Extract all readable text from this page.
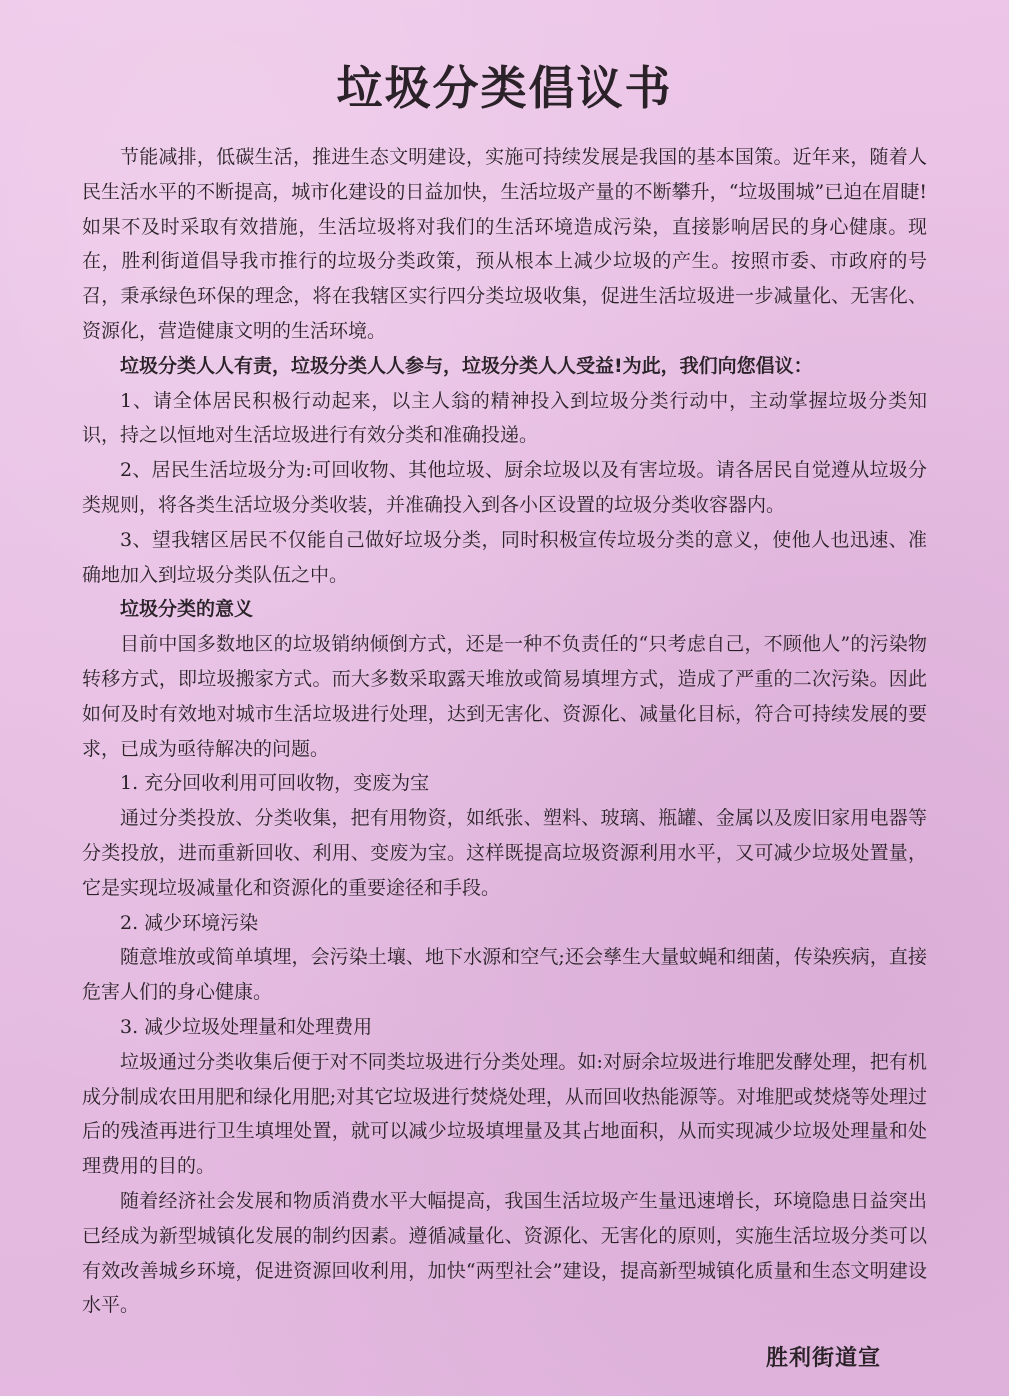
垃圾分类倡议书

节能减排，低碳生活，推进生态文明建设，实施可持续发展是我国的基本国策。近年来，随着人民生活水平的不断提高，城市化建设的日益加快，生活垃圾产量的不断攀升，“垃圾围城”已迫在眉睫!如果不及时采取有效措施，生活垃圾将对我们的生活环境造成污染，直接影响居民的身心健康。现在，胜利街道倡导我市推行的垃圾分类政策，预从根本上减少垃圾的产生。按照市委、市政府的号召，秉承绿色环保的理念，将在我辖区实行四分类垃圾收集，促进生活垃圾进一步减量化、无害化、资源化，营造健康文明的生活环境。

垃圾分类人人有责，垃圾分类人人参与，垃圾分类人人受益!为此，我们向您倡议：

1、请全体居民积极行动起来，以主人翁的精神投入到垃圾分类行动中，主动掌握垃圾分类知识，持之以恒地对生活垃圾进行有效分类和准确投递。

2、居民生活垃圾分为:可回收物、其他垃圾、厨余垃圾以及有害垃圾。请各居民自觉遵从垃圾分类规则，将各类生活垃圾分类收装，并准确投入到各小区设置的垃圾分类收容器内。

3、望我辖区居民不仅能自己做好垃圾分类，同时积极宣传垃圾分类的意义，使他人也迅速、准确地加入到垃圾分类队伍之中。

垃圾分类的意义

目前中国多数地区的垃圾销纳倾倒方式，还是一种不负责任的“只考虑自己，不顾他人”的污染物转移方式，即垃圾搬家方式。而大多数采取露天堆放或简易填埋方式，造成了严重的二次污染。因此如何及时有效地对城市生活垃圾进行处理，达到无害化、资源化、减量化目标，符合可持续发展的要求，已成为亟待解决的问题。

1. 充分回收利用可回收物，变废为宝

通过分类投放、分类收集，把有用物资，如纸张、塑料、玻璃、瓶罐、金属以及废旧家用电器等分类投放，进而重新回收、利用、变废为宝。这样既提高垃圾资源利用水平，又可减少垃圾处置量，它是实现垃圾减量化和资源化的重要途径和手段。

2. 减少环境污染

随意堆放或简单填埋，会污染土壤、地下水源和空气;还会孳生大量蚊蝇和细菌，传染疾病，直接危害人们的身心健康。

3. 减少垃圾处理量和处理费用

垃圾通过分类收集后便于对不同类垃圾进行分类处理。如:对厨余垃圾进行堆肥发酵处理，把有机成分制成农田用肥和绿化用肥;对其它垃圾进行焚烧处理，从而回收热能源等。对堆肥或焚烧等处理过后的残渣再进行卫生填埋处置，就可以减少垃圾填埋量及其占地面积，从而实现减少垃圾处理量和处理费用的目的。

随着经济社会发展和物质消费水平大幅提高，我国生活垃圾产生量迅速增长，环境隐患日益突出已经成为新型城镇化发展的制约因素。遵循减量化、资源化、无害化的原则，实施生活垃圾分类可以有效改善城乡环境，促进资源回收利用，加快“两型社会”建设，提高新型城镇化质量和生态文明建设水平。

胜利街道宣
